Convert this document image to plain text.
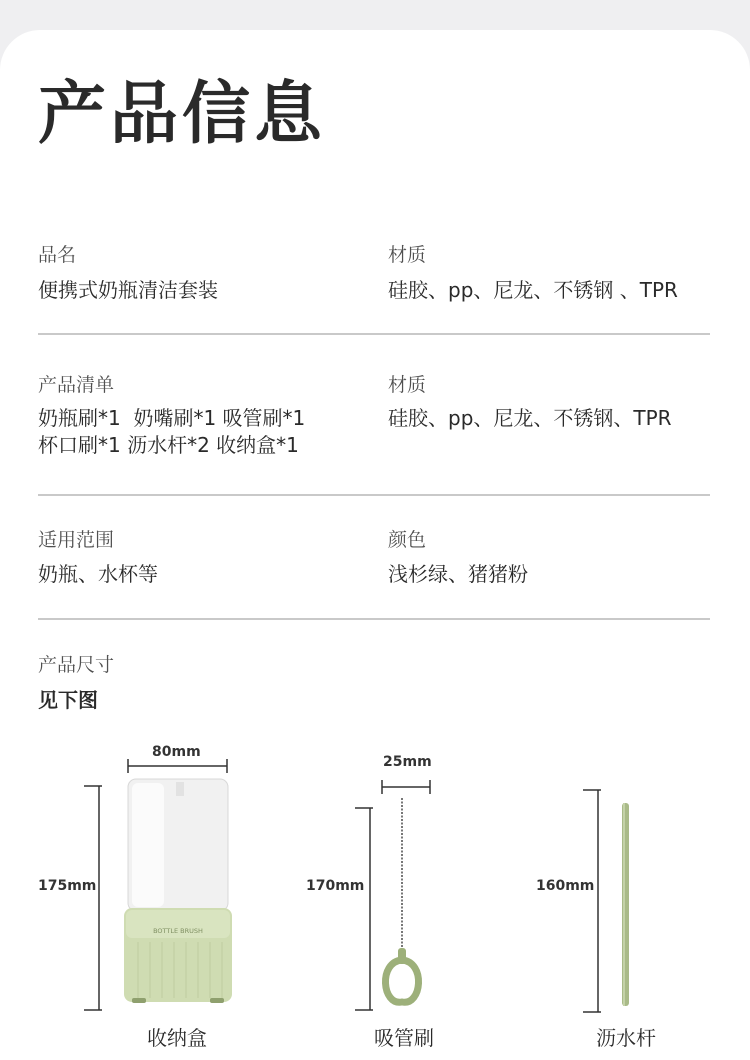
产品信息
品名
便携式奶瓶清洁套装
材质
硅胶、pp、尼龙、不锈钢 、TPR
产品清单
奶瓶刷*1  奶嘴刷*1 吸管刷*1
杯口刷*1 沥水杆*2 收纳盒*1
材质
硅胶、pp、尼龙、不锈钢、TPR
适用范围
奶瓶、水杯等
颜色
浅杉绿、猪猪粉
产品尺寸
见下图
BOTTLE BRUSH
80mm
175mm
收纳盒
25mm
170mm
吸管刷
160mm
沥水杆
